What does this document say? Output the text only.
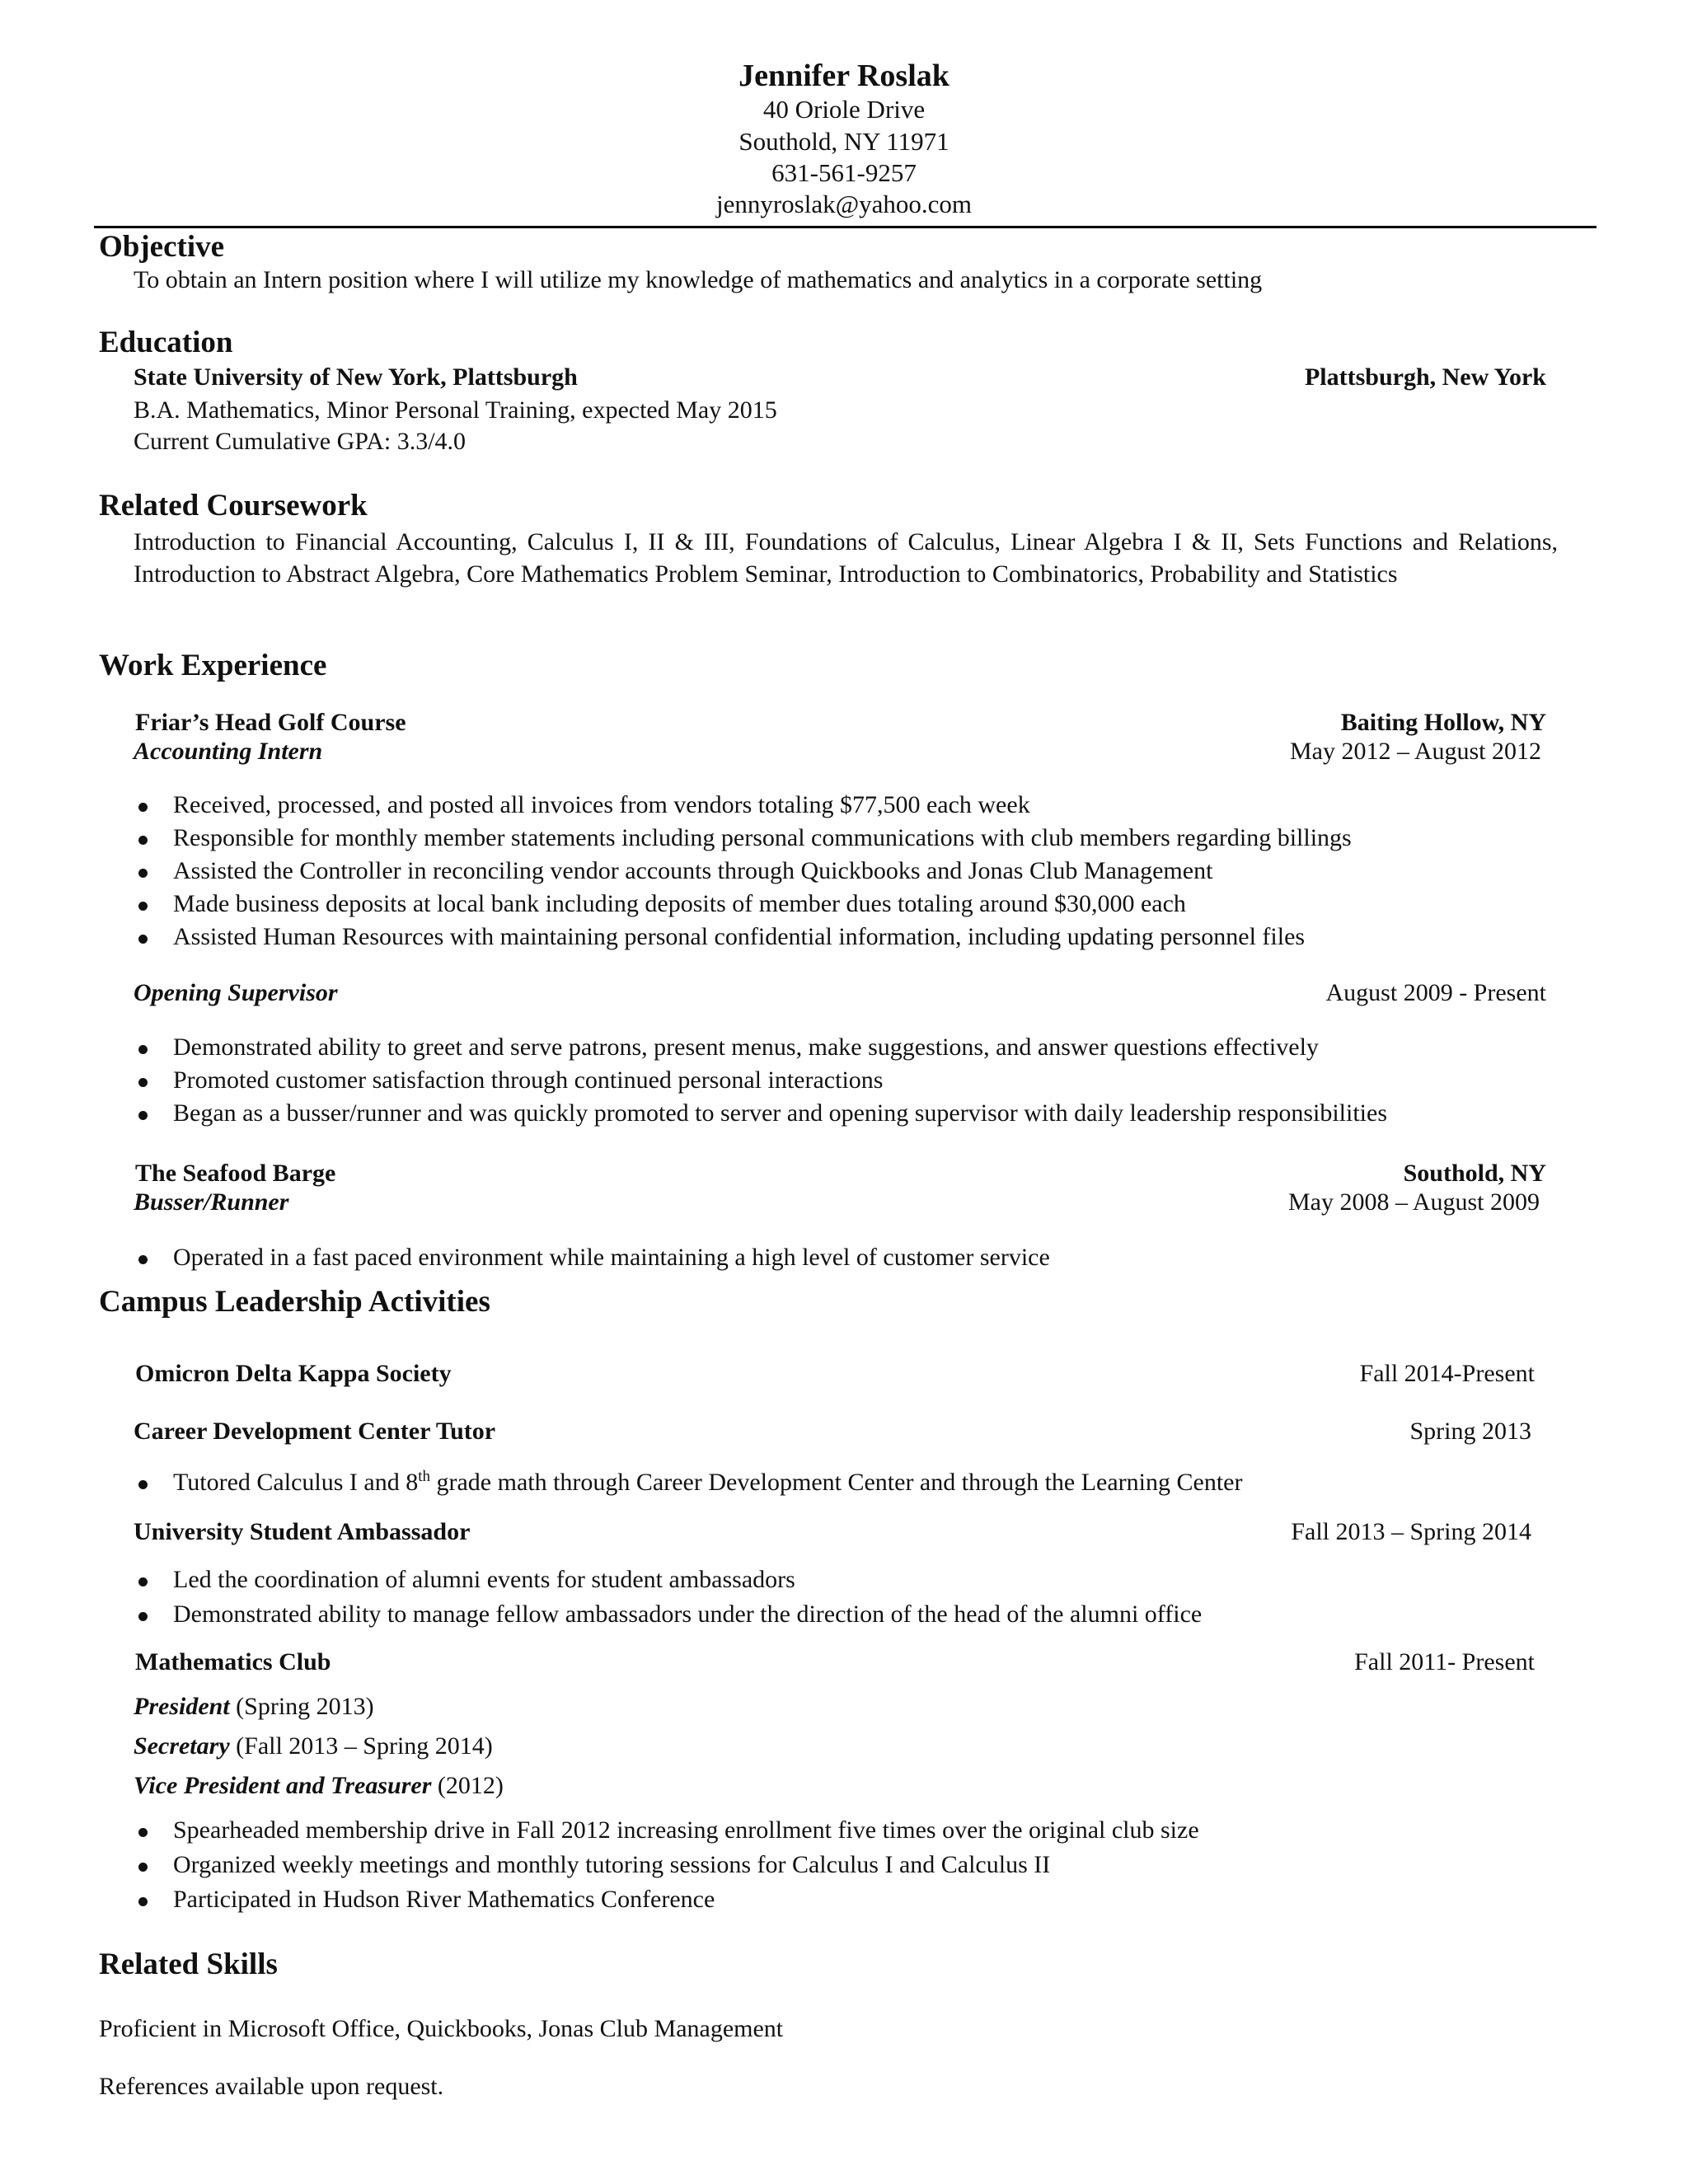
Jennifer Roslak
40 Oriole Drive
Southold, NY 11971
631-561-9257
jennyroslak@yahoo.com
Objective
To obtain an Intern position where I will utilize my knowledge of mathematics and analytics in a corporate setting
Education
State University of New York, Plattsburgh	Plattsburgh, New York
B.A. Mathematics, Minor Personal Training, expected May 2015
Current Cumulative GPA: 3.3/4.0
Related Coursework
Introduction to Financial Accounting, Calculus I, II & III, Foundations of Calculus, Linear Algebra I & II, Sets Functions and Relations, Introduction to Abstract Algebra, Core Mathematics Problem Seminar, Introduction to Combinatorics, Probability and Statistics
Work Experience
Friar’s Head Golf Course	Baiting Hollow, NY
Accounting Intern	May 2012 – August 2012
Received, processed, and posted all invoices from vendors totaling $77,500 each week
Responsible for monthly member statements including personal communications with club members regarding billings
Assisted the Controller in reconciling vendor accounts through Quickbooks and Jonas Club Management
Made business deposits at local bank including deposits of member dues totaling around $30,000 each
Assisted Human Resources with maintaining personal confidential information, including updating personnel files
Opening Supervisor	August 2009 - Present
Demonstrated ability to greet and serve patrons, present menus, make suggestions, and answer questions effectively
Promoted customer satisfaction through continued personal interactions
Began as a busser/runner and was quickly promoted to server and opening supervisor with daily leadership responsibilities
The Seafood Barge	Southold, NY
Busser/Runner	May 2008 – August 2009
Operated in a fast paced environment while maintaining a high level of customer service
Campus Leadership Activities
Omicron Delta Kappa Society	Fall 2014-Present
Career Development Center Tutor	Spring 2013
Tutored Calculus I and 8th grade math through Career Development Center and through the Learning Center
University Student Ambassador	Fall 2013 – Spring 2014
Led the coordination of alumni events for student ambassadors
Demonstrated ability to manage fellow ambassadors under the direction of the head of the alumni office
Mathematics Club	Fall 2011- Present
President (Spring 2013)
Secretary (Fall 2013 – Spring 2014)
Vice President and Treasurer (2012)
Spearheaded membership drive in Fall 2012 increasing enrollment five times over the original club size
Organized weekly meetings and monthly tutoring sessions for Calculus I and Calculus II
Participated in Hudson River Mathematics Conference
Related Skills
Proficient in Microsoft Office, Quickbooks, Jonas Club Management
References available upon request.
